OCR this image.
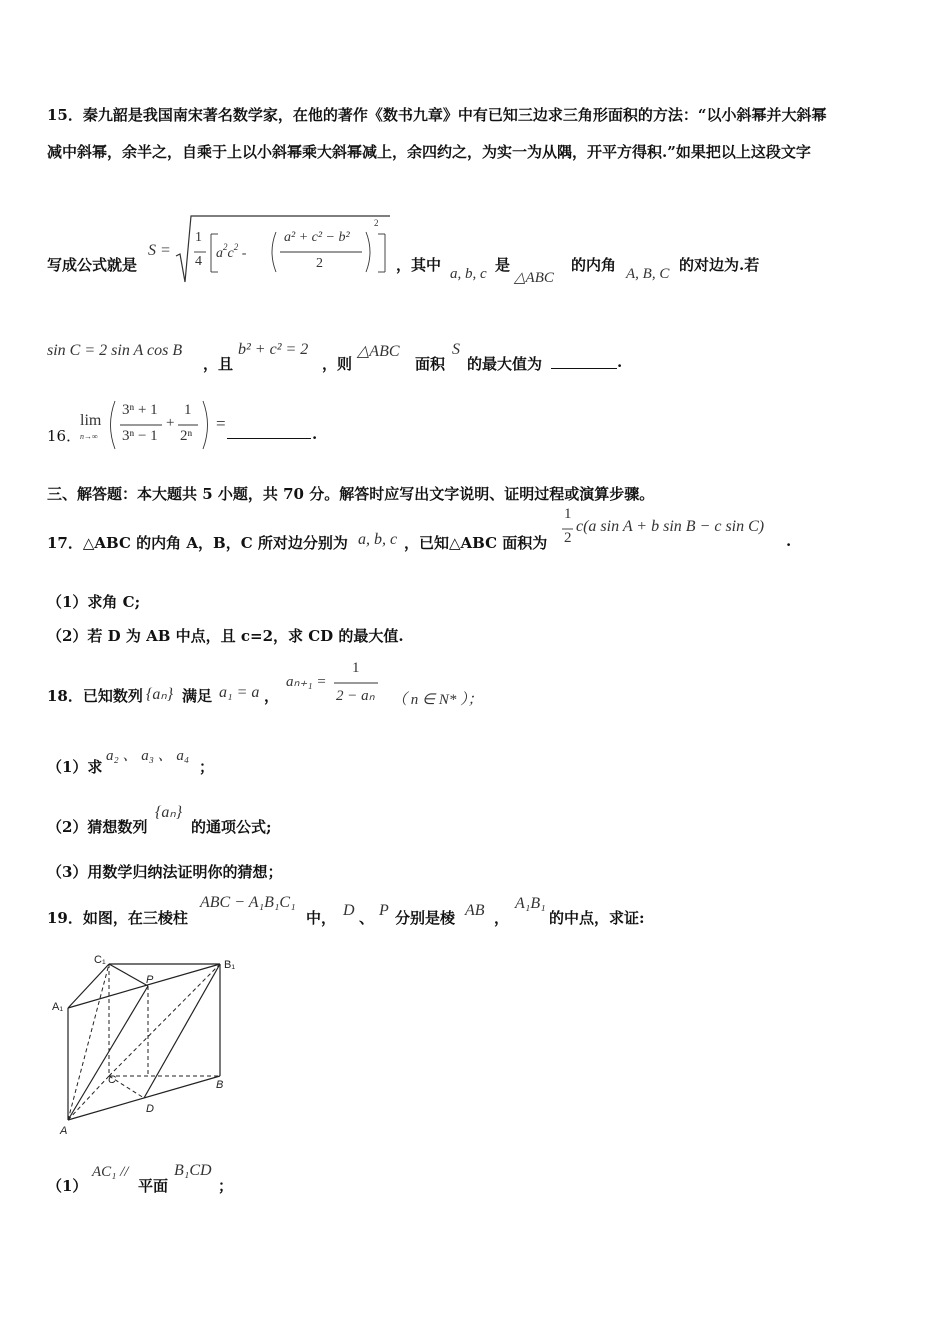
15．秦九韶是我国南宋著名数学家，在他的著作《数书九章》中有已知三边求三角形面积的方法：“以小斜幂并大斜幂
减中斜幂，余半之，自乘于上以小斜幂乘大斜幂减上，余四约之，为实一为从隅，开平方得积.”如果把以上这段文字
写成公式就是
S =
1
4
$a^2c^2$ -
a² + c² − b²
2
2
，其中 a, b, c 是
△ABC
的内角 A, B, C 的对边为.若
sin C = 2 sin A cos B
，且
b² + c² = 2
，则
△ABC
面积
S
的最大值为	.
16．
lim
n→∞
3ⁿ + 1
3ⁿ − 1
+
1
2ⁿ
=
.
三、解答题：本大题共 5 小题，共 70 分。解答时应写出文字说明、证明过程或演算步骤。
17．△ABC 的内角 A，B，C 所对边分别为 a, b, c ，已知△ABC 面积为
1
2
c(a sin A + b sin B − c sin C)
.
（1）求角 C;
（2）若 D 为 AB 中点，且 c=2，求 CD 的最大值.
18．已知数列 {aₙ} 满足 a₁ = a ，
aₙ₊₁ =
1
2 − aₙ （ n ∈ N* ）；
（1）求
a₂ 、 a₃ 、 a₄
；
（2）猜想数列
{aₙ}
的通项公式;
（3）用数学归纳法证明你的猜想；
19．如图，在三棱柱
ABC − A₁B₁C₁
中， D 、 P 分别是棱 AB ，
A₁B₁
的中点，求证:
C₁
P
B₁
A₁
C	B
D
A
（1）
AC₁ //
平面
B₁CD
；
